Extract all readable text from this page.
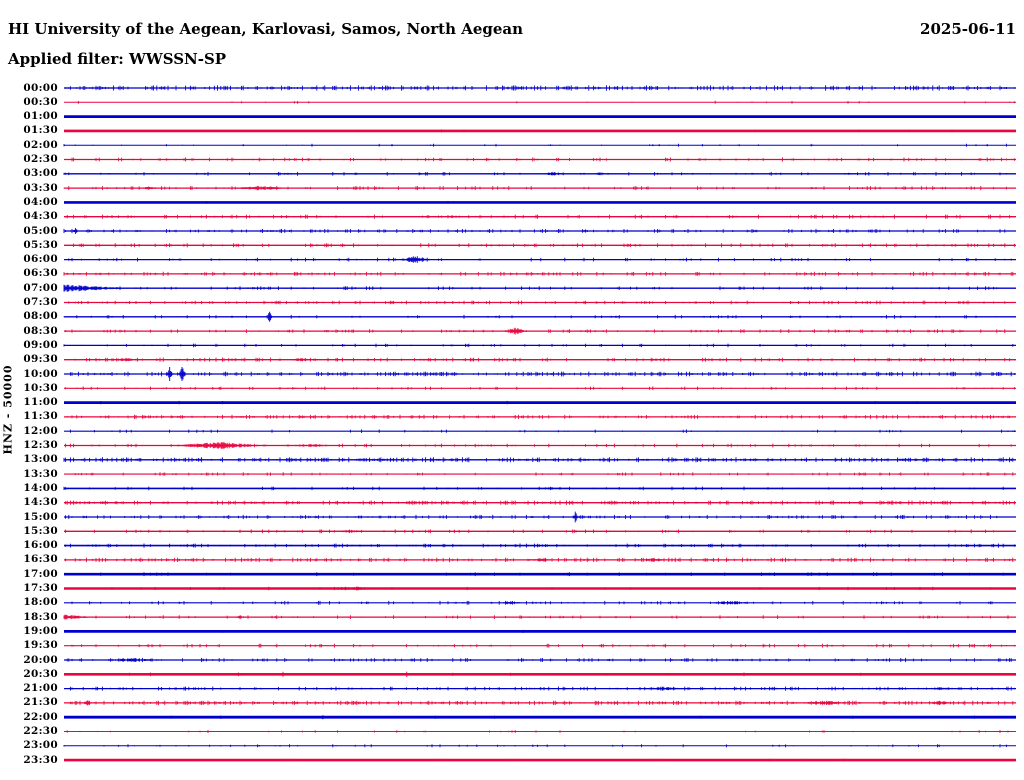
HI University of the Aegean, Karlovasi, Samos, North Aegean	2025-06-11
Applied filter: WWSSN-SP
HNZ - 50000
00:00
00:30
01:00
01:30
02:00
02:30
03:00
03:30
04:00
04:30
05:00
05:30
06:00
06:30
07:00
07:30
08:00
08:30
09:00
09:30
10:00
10:30
11:00
11:30
12:00
12:30
13:00
13:30
14:00
14:30
15:00
15:30
16:00
16:30
17:00
17:30
18:00
18:30
19:00
19:30
20:00
20:30
21:00
21:30
22:00
22:30
23:00
23:30
